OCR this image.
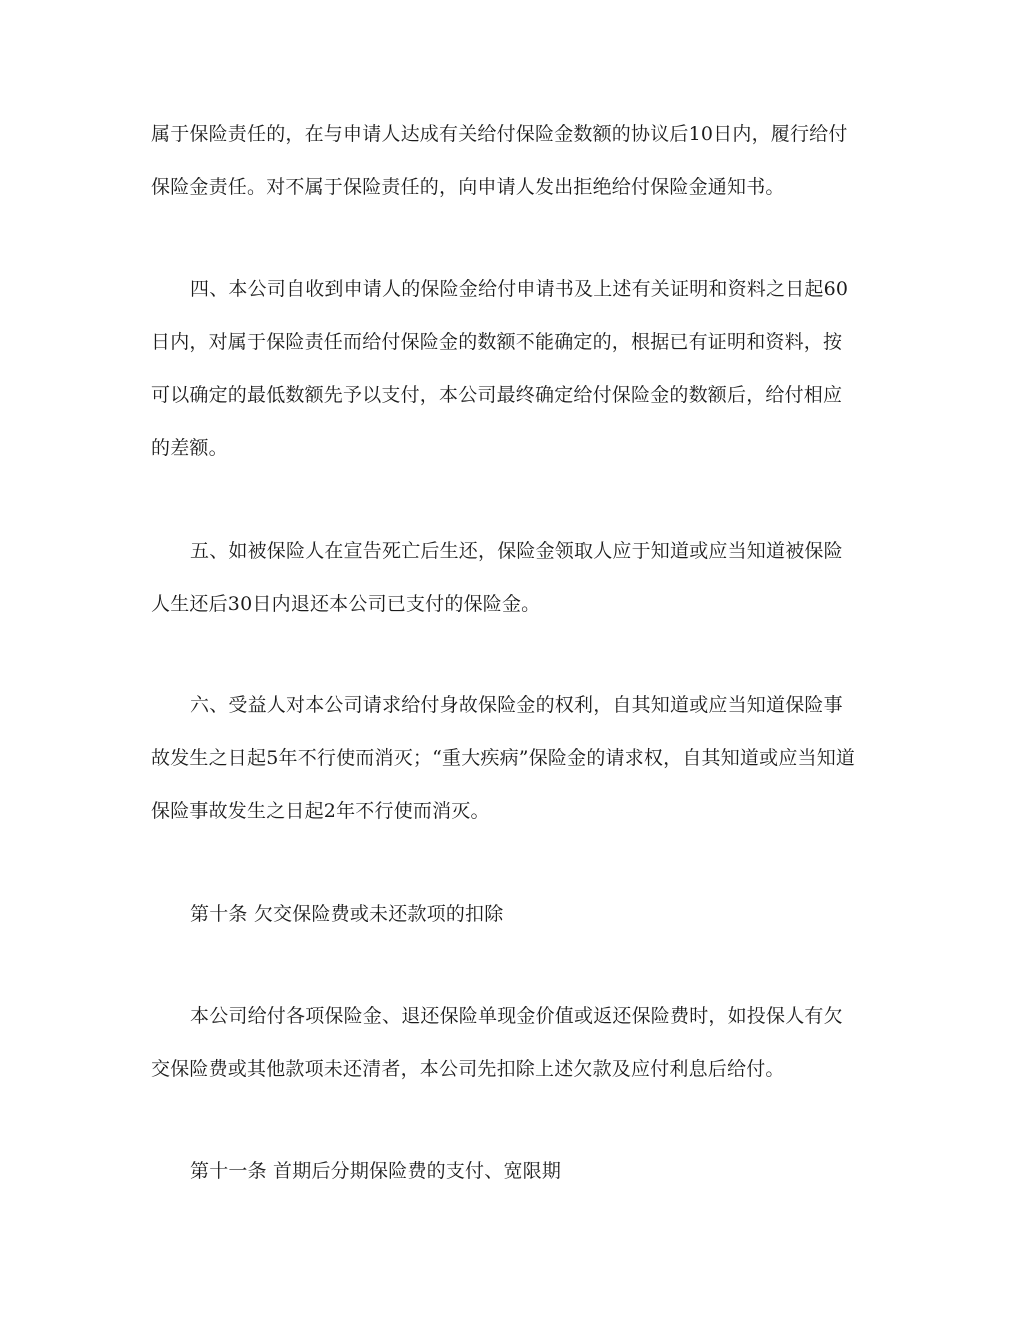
属于保险责任的，在与申请人达成有关给付保险金数额的协议后10日内，履行给付
保险金责任。对不属于保险责任的，向申请人发出拒绝给付保险金通知书。
四、本公司自收到申请人的保险金给付申请书及上述有关证明和资料之日起60
日内，对属于保险责任而给付保险金的数额不能确定的，根据已有证明和资料，按
可以确定的最低数额先予以支付，本公司最终确定给付保险金的数额后，给付相应
的差额。
五、如被保险人在宣告死亡后生还，保险金领取人应于知道或应当知道被保险
人生还后30日内退还本公司已支付的保险金。
六、受益人对本公司请求给付身故保险金的权利，自其知道或应当知道保险事
故发生之日起5年不行使而消灭；“重大疾病”保险金的请求权，自其知道或应当知道
保险事故发生之日起2年不行使而消灭。
第十条 欠交保险费或未还款项的扣除
本公司给付各项保险金、退还保险单现金价值或返还保险费时，如投保人有欠
交保险费或其他款项未还清者，本公司先扣除上述欠款及应付利息后给付。
第十一条 首期后分期保险费的支付、宽限期
